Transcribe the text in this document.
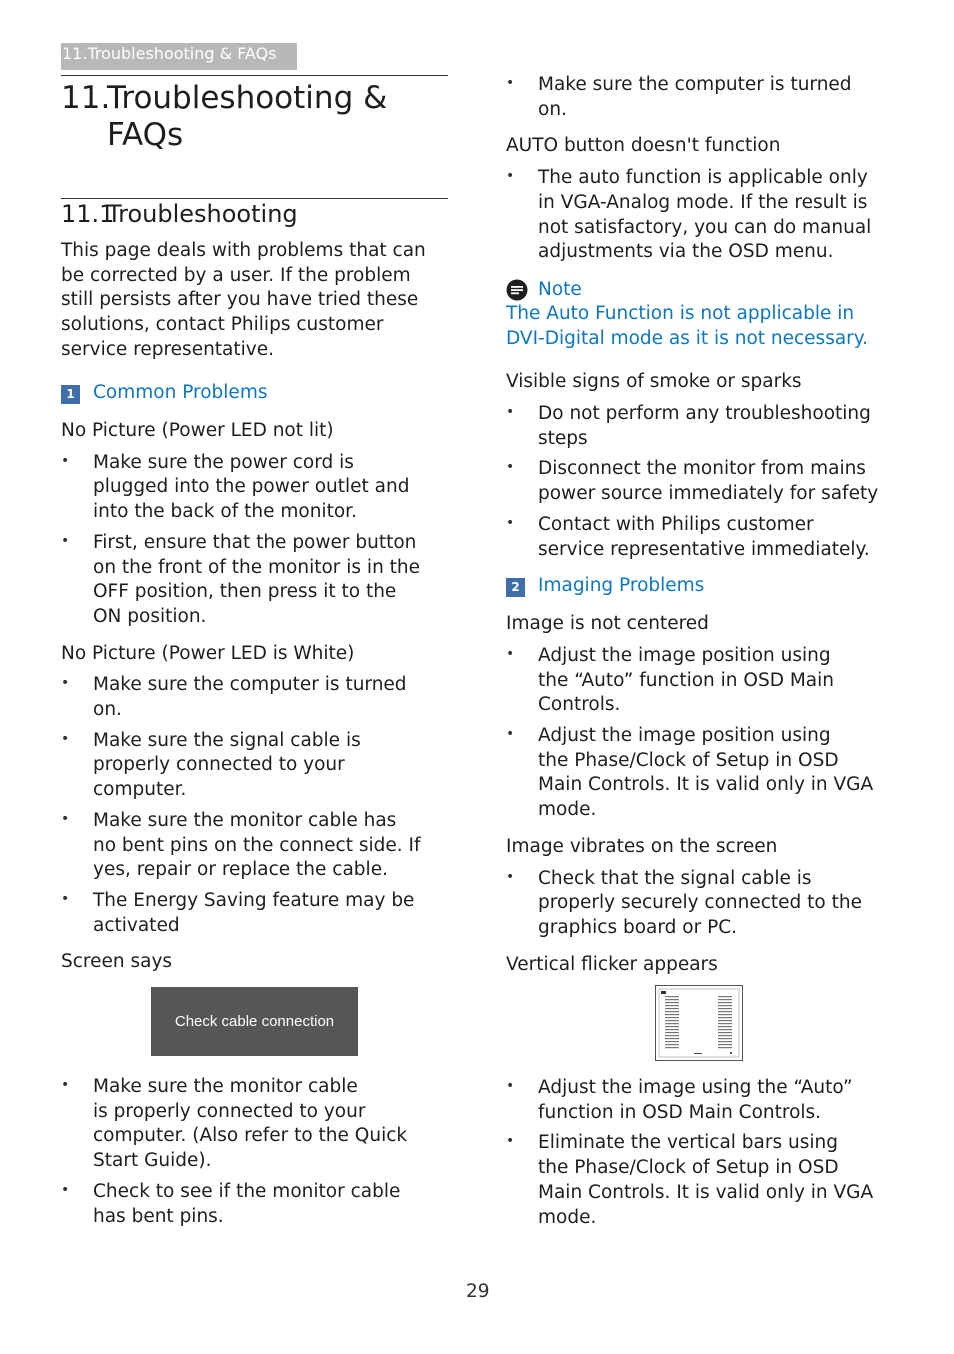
11.Troubleshooting & FAQs
11.
Troubleshooting &
FAQs
11.1
Troubleshooting
This page deals with problems that can
be corrected by a user. If the problem
still persists after you have tried these
solutions, contact Philips customer
service representative.
1 Common Problems
No Picture (Power LED not lit)
• Make sure the power cord is
plugged into the power outlet and
into the back of the monitor.
• First, ensure that the power button
on the front of the monitor is in the
OFF position, then press it to the
ON position.
No Picture (Power LED is White)
• Make sure the computer is turned
on.
• Make sure the signal cable is
properly connected to your
computer.
• Make sure the monitor cable has
no bent pins on the connect side. If
yes, repair or replace the cable.
• The Energy Saving feature may be
activated
Screen says
Check cable connection
• Make sure the monitor cable
is properly connected to your
computer. (Also refer to the Quick
Start Guide).
• Check to see if the monitor cable
has bent pins.
• Make sure the computer is turned
on.
AUTO button doesn't function
• The auto function is applicable only
in VGA-Analog mode. If the result is
not satisfactory, you can do manual
adjustments via the OSD menu.
Note
The Auto Function is not applicable in
DVI-Digital mode as it is not necessary.
Visible signs of smoke or sparks
• Do not perform any troubleshooting
steps
• Disconnect the monitor from mains
power source immediately for safety
• Contact with Philips customer
service representative immediately.
2 Imaging Problems
Image is not centered
• Adjust the image position using
the “Auto” function in OSD Main
Controls.
• Adjust the image position using
the Phase/Clock of Setup in OSD
Main Controls. It is valid only in VGA
mode.
Image vibrates on the screen
• Check that the signal cable is
properly securely connected to the
graphics board or PC.
Vertical flicker appears
• Adjust the image using the “Auto”
function in OSD Main Controls.
• Eliminate the vertical bars using
the Phase/Clock of Setup in OSD
Main Controls. It is valid only in VGA
mode.
29
